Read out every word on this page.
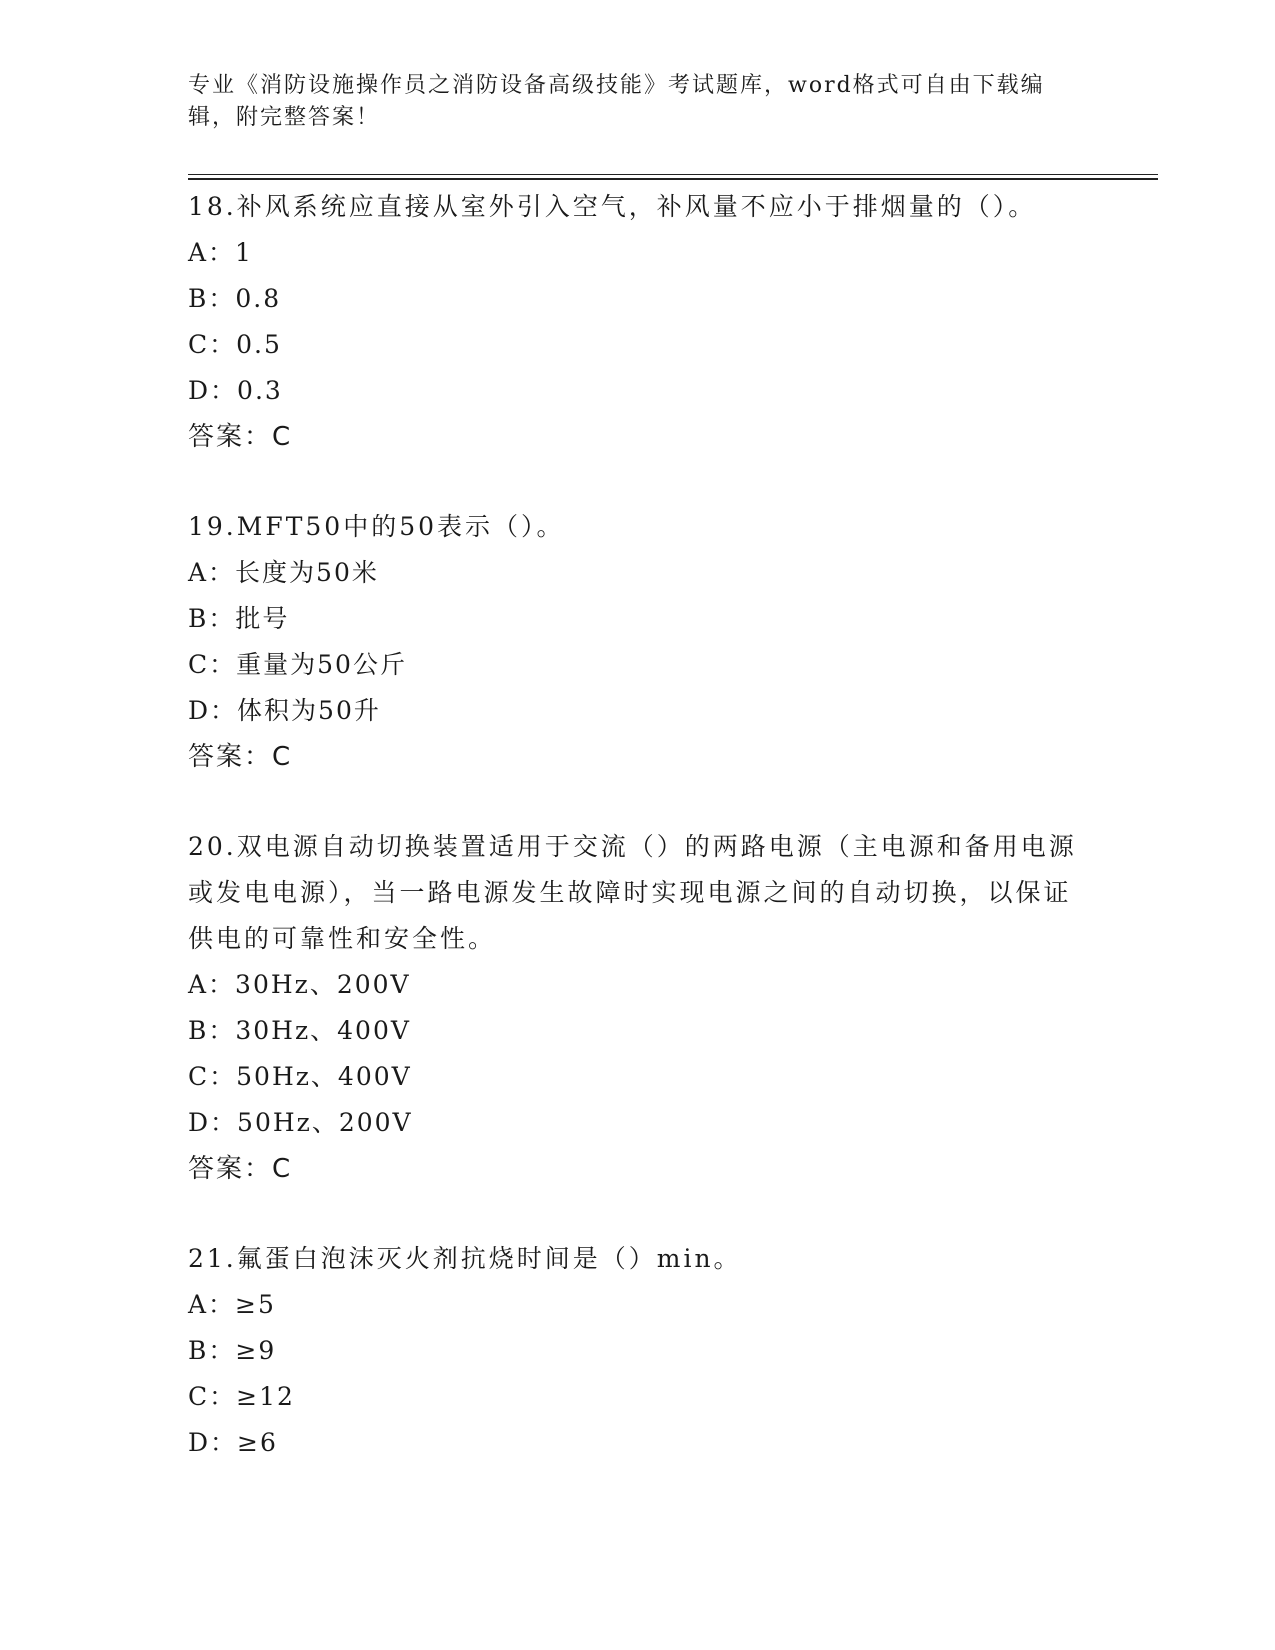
专业《消防设施操作员之消防设备高级技能》考试题库，word格式可自由下载编辑，附完整答案！

18.补风系统应直接从室外引入空气，补风量不应小于排烟量的（）。

A：1

B：0.8

C：0.5

D：0.3

答案：C

19.MFT50中的50表示（）。

A：长度为50米

B：批号

C：重量为50公斤

D：体积为50升

答案：C

20.双电源自动切换装置适用于交流（）的两路电源（主电源和备用电源或发电电源），当一路电源发生故障时实现电源之间的自动切换，以保证供电的可靠性和安全性。

A：30Hz、200V

B：30Hz、400V

C：50Hz、400V

D：50Hz、200V

答案：C

21.氟蛋白泡沫灭火剂抗烧时间是（）min。

A：≥5

B：≥9

C：≥12

D：≥6
